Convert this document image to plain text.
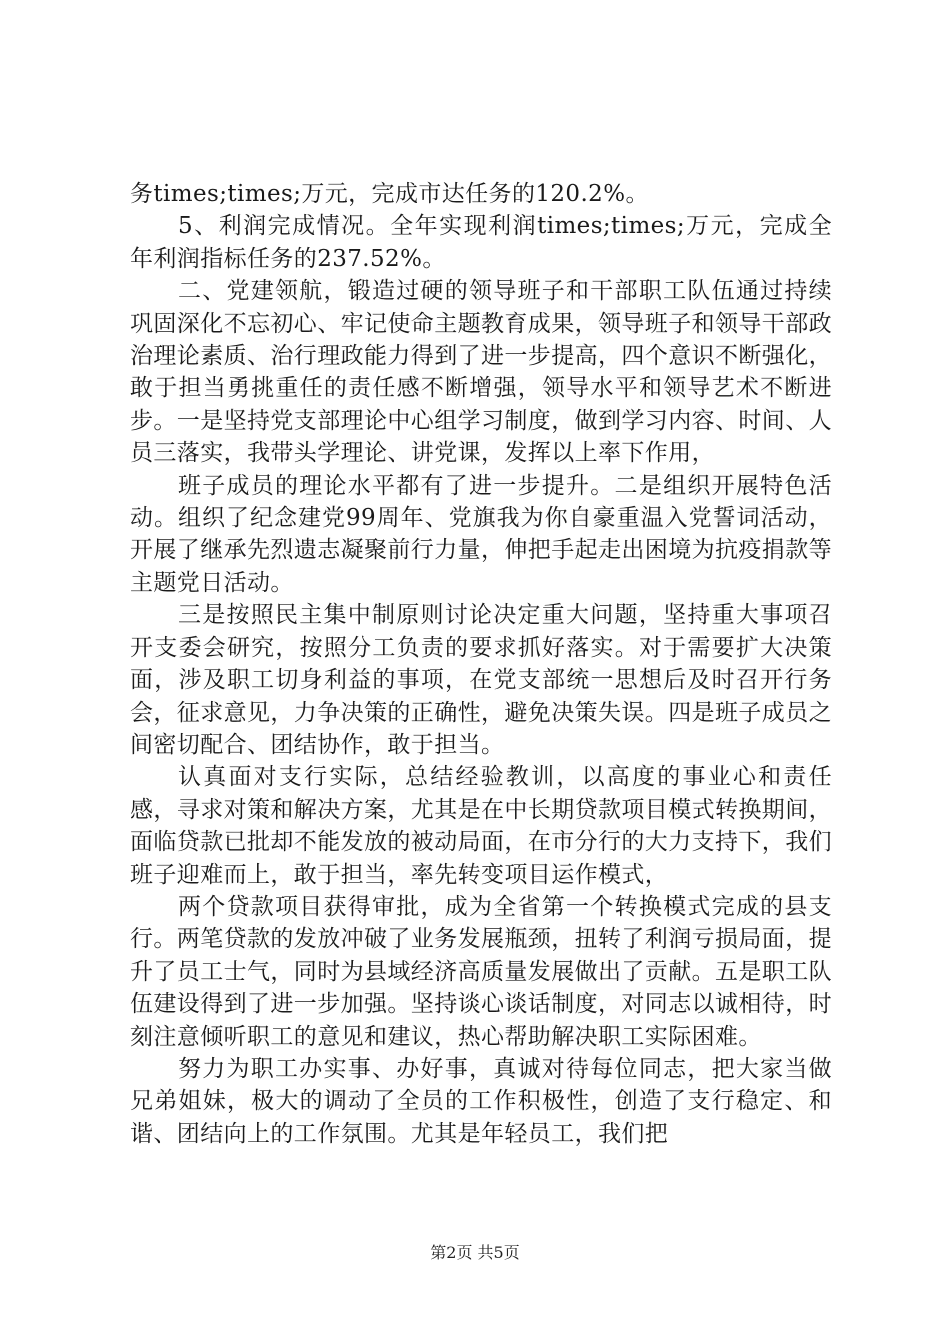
务times;times;万元，完成市达任务的120.2%。

5、利润完成情况。全年实现利润times;times;万元，完成全年利润指标任务的237.52%。

二、党建领航，锻造过硬的领导班子和干部职工队伍通过持续巩固深化不忘初心、牢记使命主题教育成果，领导班子和领导干部政治理论素质、治行理政能力得到了进一步提高，四个意识不断强化，敢于担当勇挑重任的责任感不断增强，领导水平和领导艺术不断进步。一是坚持党支部理论中心组学习制度，做到学习内容、时间、人员三落实，我带头学理论、讲党课，发挥以上率下作用，

班子成员的理论水平都有了进一步提升。二是组织开展特色活动。组织了纪念建党99周年、党旗我为你自豪重温入党誓词活动，开展了继承先烈遗志凝聚前行力量，伸把手起走出困境为抗疫捐款等主题党日活动。

三是按照民主集中制原则讨论决定重大问题，坚持重大事项召开支委会研究，按照分工负责的要求抓好落实。对于需要扩大决策面，涉及职工切身利益的事项，在党支部统一思想后及时召开行务会，征求意见，力争决策的正确性，避免决策失误。四是班子成员之间密切配合、团结协作，敢于担当。

认真面对支行实际，总结经验教训，以高度的事业心和责任感，寻求对策和解决方案，尤其是在中长期贷款项目模式转换期间，面临贷款已批却不能发放的被动局面，在市分行的大力支持下，我们班子迎难而上，敢于担当，率先转变项目运作模式，

两个贷款项目获得审批，成为全省第一个转换模式完成的县支行。两笔贷款的发放冲破了业务发展瓶颈，扭转了利润亏损局面，提升了员工士气，同时为县域经济高质量发展做出了贡献。五是职工队伍建设得到了进一步加强。坚持谈心谈话制度，对同志以诚相待，时刻注意倾听职工的意见和建议，热心帮助解决职工实际困难。

努力为职工办实事、办好事，真诚对待每位同志，把大家当做兄弟姐妹，极大的调动了全员的工作积极性，创造了支行稳定、和谐、团结向上的工作氛围。尤其是年轻员工，我们把

第2页 共5页
